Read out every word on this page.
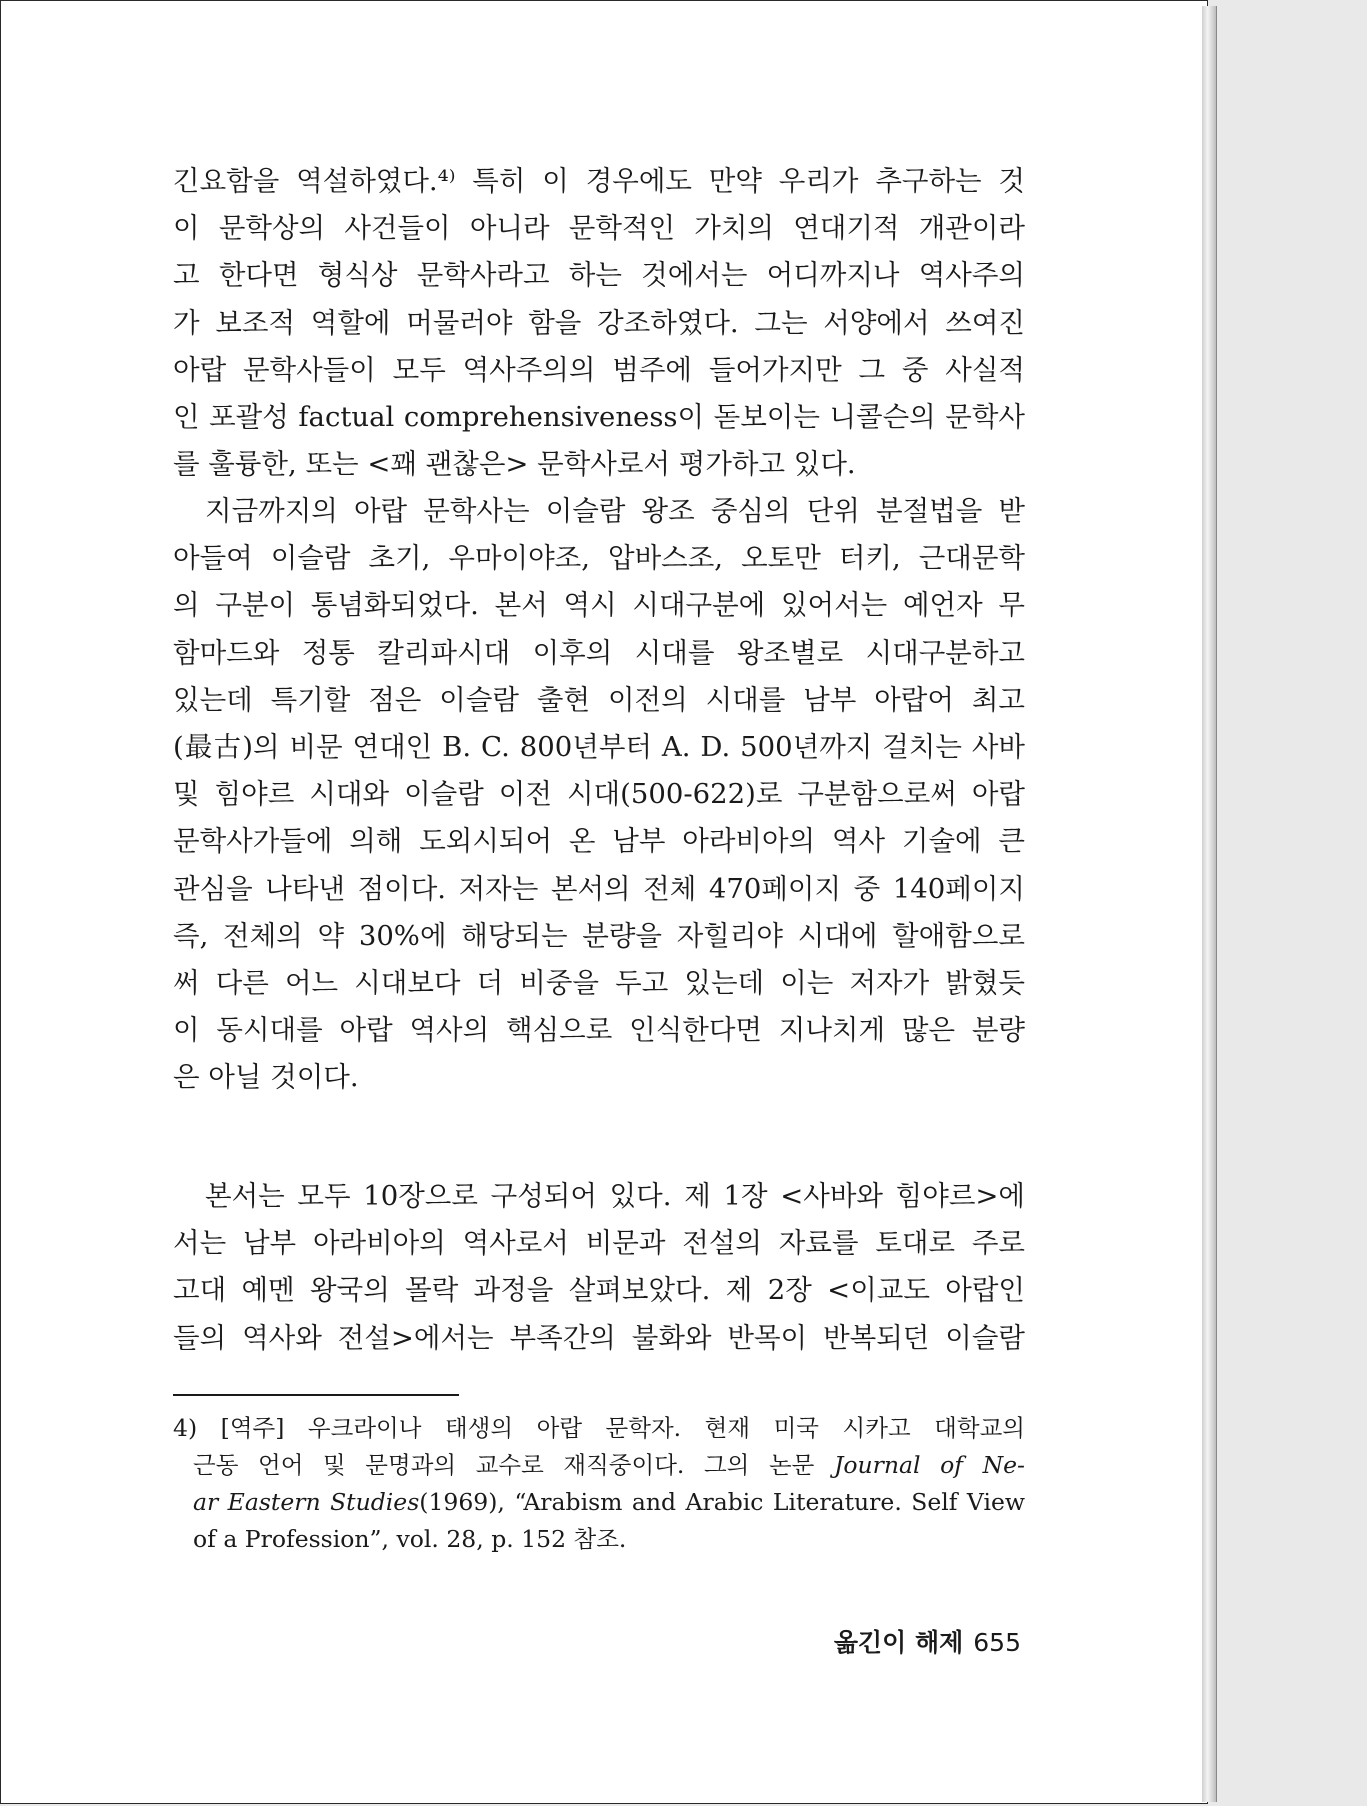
긴요함을 역설하였다.⁴⁾ 특히 이 경우에도 만약 우리가 추구하는 것
이 문학상의 사건들이 아니라 문학적인 가치의 연대기적 개관이라
고 한다면 형식상 문학사라고 하는 것에서는 어디까지나 역사주의
가 보조적 역할에 머물러야 함을 강조하였다. 그는 서양에서 쓰여진
아랍 문학사들이 모두 역사주의의 범주에 들어가지만 그 중 사실적
인 포괄성 factual comprehensiveness이 돋보이는 니콜슨의 문학사
를 훌륭한, 또는 <꽤 괜찮은> 문학사로서 평가하고 있다.
지금까지의 아랍 문학사는 이슬람 왕조 중심의 단위 분절법을 받
아들여 이슬람 초기, 우마이야조, 압바스조, 오토만 터키, 근대문학
의 구분이 통념화되었다. 본서 역시 시대구분에 있어서는 예언자 무
함마드와 정통 칼리파시대 이후의 시대를 왕조별로 시대구분하고
있는데 특기할 점은 이슬람 출현 이전의 시대를 남부 아랍어 최고
(最古)의 비문 연대인 B. C. 800년부터 A. D. 500년까지 걸치는 사바
및 힘야르 시대와 이슬람 이전 시대(500-622)로 구분함으로써 아랍
문학사가들에 의해 도외시되어 온 남부 아라비아의 역사 기술에 큰
관심을 나타낸 점이다. 저자는 본서의 전체 470페이지 중 140페이지
즉, 전체의 약 30%에 해당되는 분량을 자힐리야 시대에 할애함으로
써 다른 어느 시대보다 더 비중을 두고 있는데 이는 저자가 밝혔듯
이 동시대를 아랍 역사의 핵심으로 인식한다면 지나치게 많은 분량
은 아닐 것이다.
본서는 모두 10장으로 구성되어 있다. 제 1장 <사바와 힘야르>에
서는 남부 아라비아의 역사로서 비문과 전설의 자료를 토대로 주로
고대 예멘 왕국의 몰락 과정을 살펴보았다. 제 2장 <이교도 아랍인
들의 역사와 전설>에서는 부족간의 불화와 반목이 반복되던 이슬람
4) [역주] 우크라이나 태생의 아랍 문학자. 현재 미국 시카고 대학교의
근동 언어 및 문명과의 교수로 재직중이다. 그의 논문 Journal of Ne-
ar Eastern Studies(1969), “Arabism and Arabic Literature. Self View
of a Profession”, vol. 28, p. 152 참조.
옮긴이 해제 655
